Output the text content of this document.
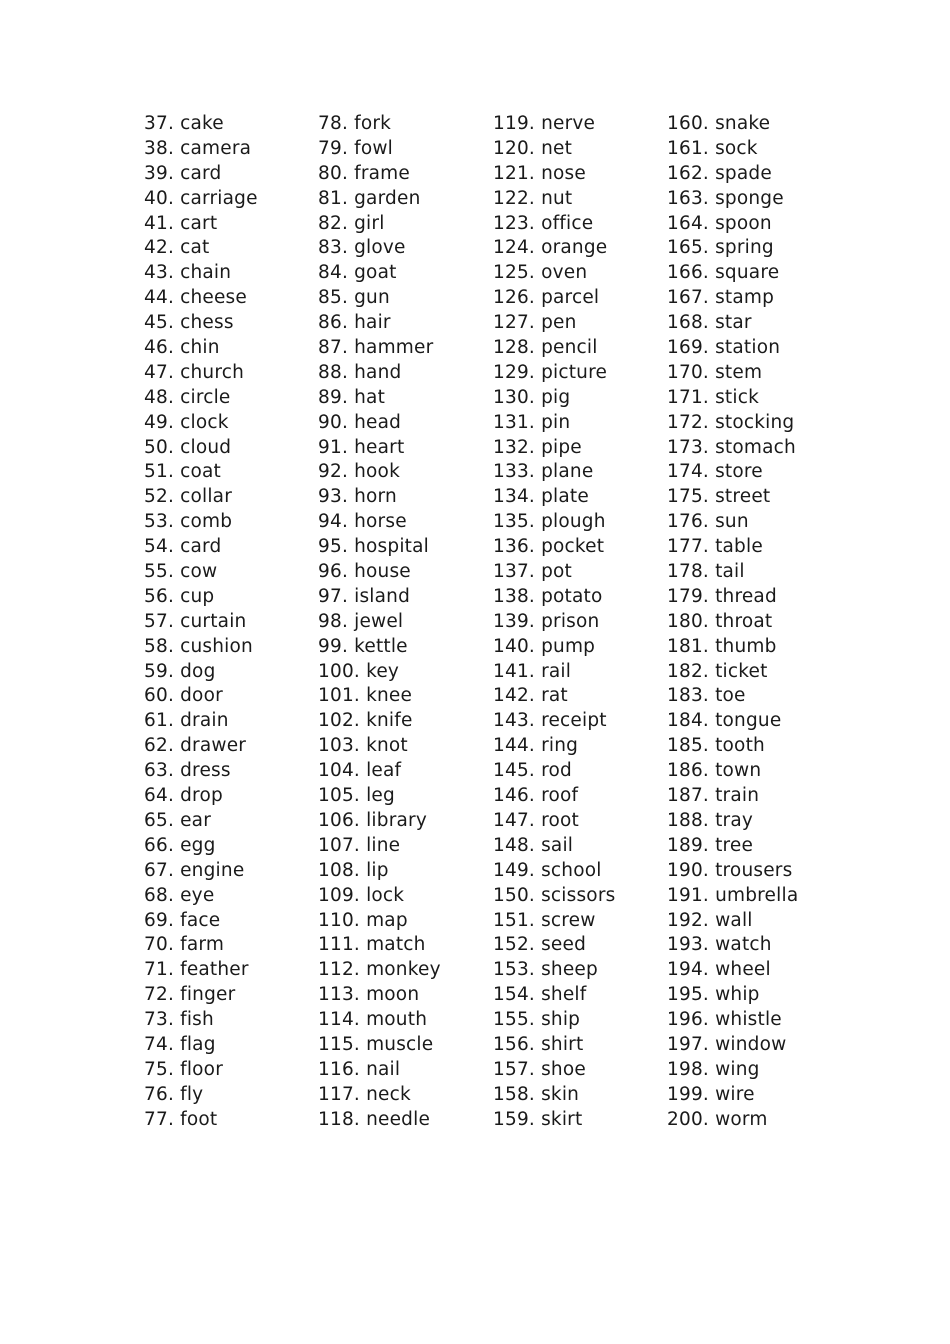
37. cake
38. camera
39. card
40. carriage
41. cart
42. cat
43. chain
44. cheese
45. chess
46. chin
47. church
48. circle
49. clock
50. cloud
51. coat
52. collar
53. comb
54. card
55. cow
56. cup
57. curtain
58. cushion
59. dog
60. door
61. drain
62. drawer
63. dress
64. drop
65. ear
66. egg
67. engine
68. eye
69. face
70. farm
71. feather
72. finger
73. fish
74. flag
75. floor
76. fly
77. foot
78. fork
79. fowl
80. frame
81. garden
82. girl
83. glove
84. goat
85. gun
86. hair
87. hammer
88. hand
89. hat
90. head
91. heart
92. hook
93. horn
94. horse
95. hospital
96. house
97. island
98. jewel
99. kettle
100. key
101. knee
102. knife
103. knot
104. leaf
105. leg
106. library
107. line
108. lip
109. lock
110. map
111. match
112. monkey
113. moon
114. mouth
115. muscle
116. nail
117. neck
118. needle
119. nerve
120. net
121. nose
122. nut
123. office
124. orange
125. oven
126. parcel
127. pen
128. pencil
129. picture
130. pig
131. pin
132. pipe
133. plane
134. plate
135. plough
136. pocket
137. pot
138. potato
139. prison
140. pump
141. rail
142. rat
143. receipt
144. ring
145. rod
146. roof
147. root
148. sail
149. school
150. scissors
151. screw
152. seed
153. sheep
154. shelf
155. ship
156. shirt
157. shoe
158. skin
159. skirt
160. snake
161. sock
162. spade
163. sponge
164. spoon
165. spring
166. square
167. stamp
168. star
169. station
170. stem
171. stick
172. stocking
173. stomach
174. store
175. street
176. sun
177. table
178. tail
179. thread
180. throat
181. thumb
182. ticket
183. toe
184. tongue
185. tooth
186. town
187. train
188. tray
189. tree
190. trousers
191. umbrella
192. wall
193. watch
194. wheel
195. whip
196. whistle
197. window
198. wing
199. wire
200. worm
